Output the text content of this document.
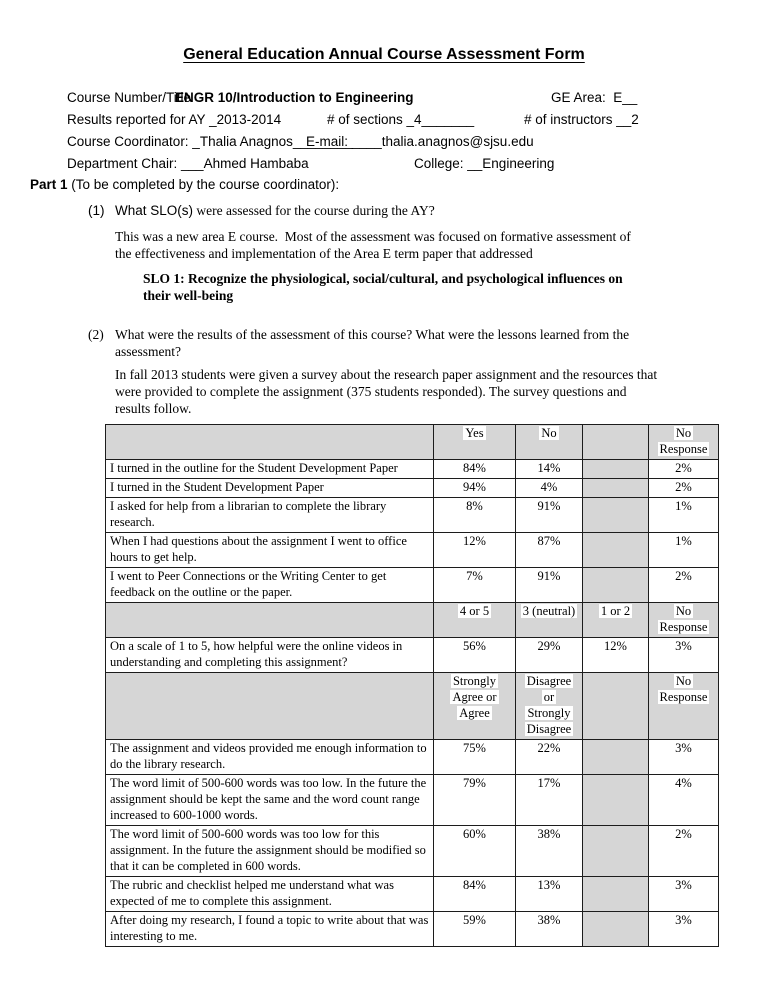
General Education Annual Course Assessment Form
Course Number/Title
ENGR 10/Introduction to Engineering	GE Area:  E__
Results reported for AY _2013-2014	# of sections _4_______	# of instructors __2
Course Coordinator: _Thalia Anagnos________
E-mail: ____thalia.anagnos@sjsu.edu
Department Chair: ___Ahmed Hambaba	College: __Engineering
Part 1 (To be completed by the course coordinator):
(1) What SLO(s) were assessed for the course during the AY?
This was a new area E course.  Most of the assessment was focused on formative assessment of
the effectiveness and implementation of the Area E term paper that addressed
SLO 1: Recognize the physiological, social/cultural, and psychological influences on
their well-being
(2) What were the results of the assessment of this course? What were the lessons learned from the
assessment?
In fall 2013 students were given a survey about the research paper assignment and the resources that
were provided to complete the assignment (375 students responded). The survey questions and
results follow.
	Yes	No		No Response
I turned in the outline for the Student Development Paper	84%	14%		2%
I turned in the Student Development Paper	94%	4%		2%
I asked for help from a librarian to complete the library research.	8%	91%		1%
When I had questions about the assignment I went to office hours to get help.	12%	87%		1%
I went to Peer Connections or the Writing Center to get feedback on the outline or the paper.	7%	91%		2%
	4 or 5	3 (neutral)	1 or 2	No Response
On a scale of 1 to 5, how helpful were the online videos in understanding and completing this assignment?	56%	29%	12%	3%
	Strongly Agree or Agree	Disagree or Strongly Disagree		No Response
The assignment and videos provided me enough information to do the library research.	75%	22%		3%
The word limit of 500-600 words was too low. In the future the assignment should be kept the same and the word count range increased to 600-1000 words.	79%	17%		4%
The word limit of 500-600 words was too low for this assignment. In the future the assignment should be modified so that it can be completed in 600 words.	60%	38%		2%
The rubric and checklist helped me understand what was expected of me to complete this assignment.	84%	13%		3%
After doing my research, I found a topic to write about that was interesting to me.	59%	38%		3%
